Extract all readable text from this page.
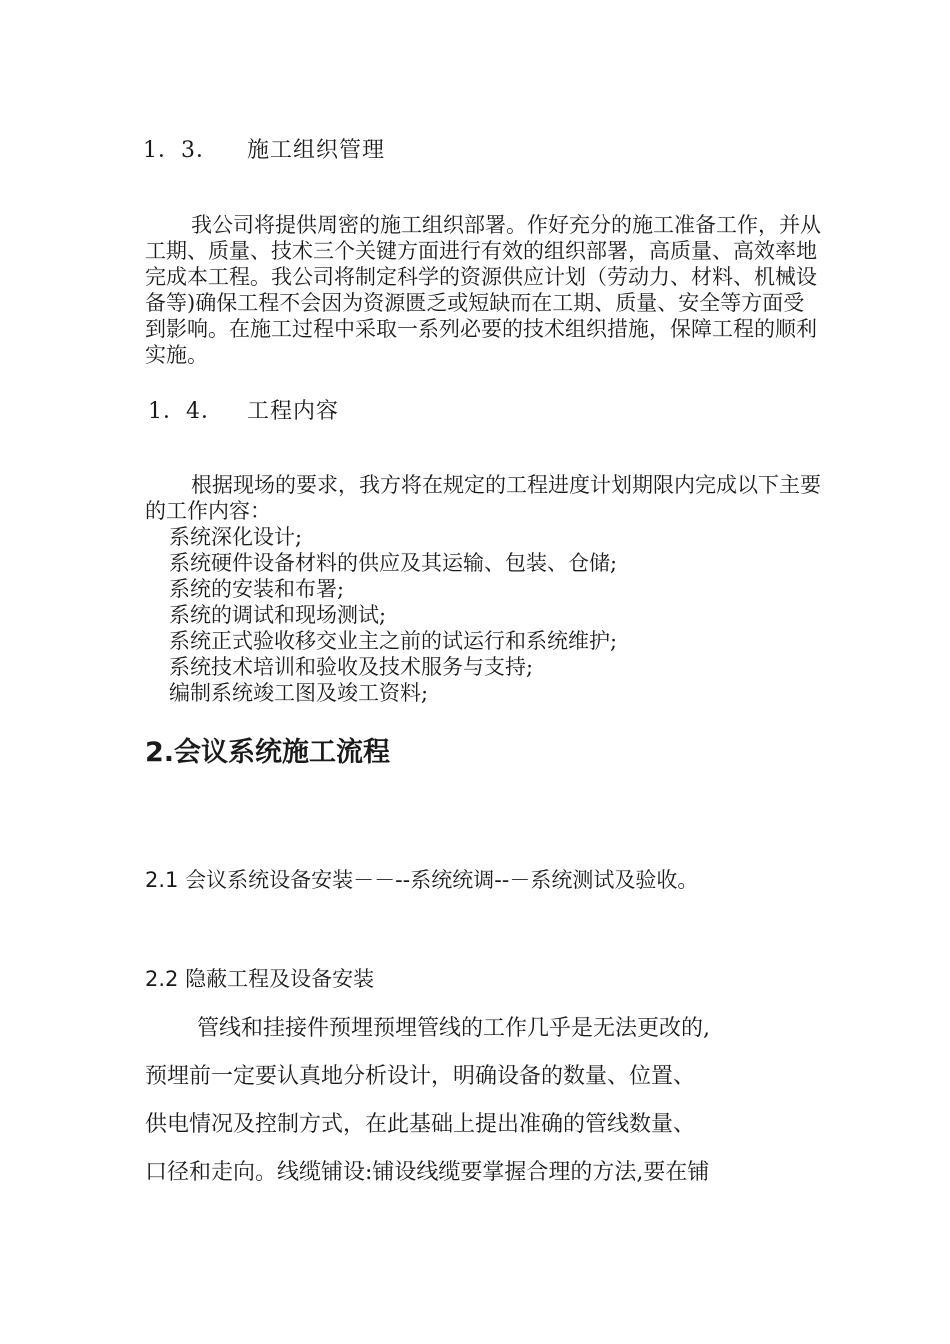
1．3． 施工组织管理

我公司将提供周密的施工组织部署。作好充分的施工准备工作，并从工期、质量、技术三个关键方面进行有效的组织部署，高质量、高效率地完成本工程。我公司将制定科学的资源供应计划（劳动力、材料、机械设备等)确保工程不会因为资源匮乏或短缺而在工期、质量、安全等方面受到影响。在施工过程中采取一系列必要的技术组织措施，保障工程的顺利实施。

1．4． 工程内容

根据现场的要求，我方将在规定的工程进度计划期限内完成以下主要的工作内容：

系统深化设计;
系统硬件设备材料的供应及其运输、包装、仓储;
系统的安装和布署;
系统的调试和现场测试;
系统正式验收移交业主之前的试运行和系统维护;
系统技术培训和验收及技术服务与支持;
编制系统竣工图及竣工资料;
2.会议系统施工流程
2.1 会议系统设备安装－－--系统统调--－系统测试及验收。
2.2 隐蔽工程及设备安装
管线和挂接件预埋预埋管线的工作几乎是无法更改的,
预埋前一定要认真地分析设计，明确设备的数量、位置、
供电情况及控制方式，在此基础上提出准确的管线数量、
口径和走向。线缆铺设:铺设线缆要掌握合理的方法,要在铺
